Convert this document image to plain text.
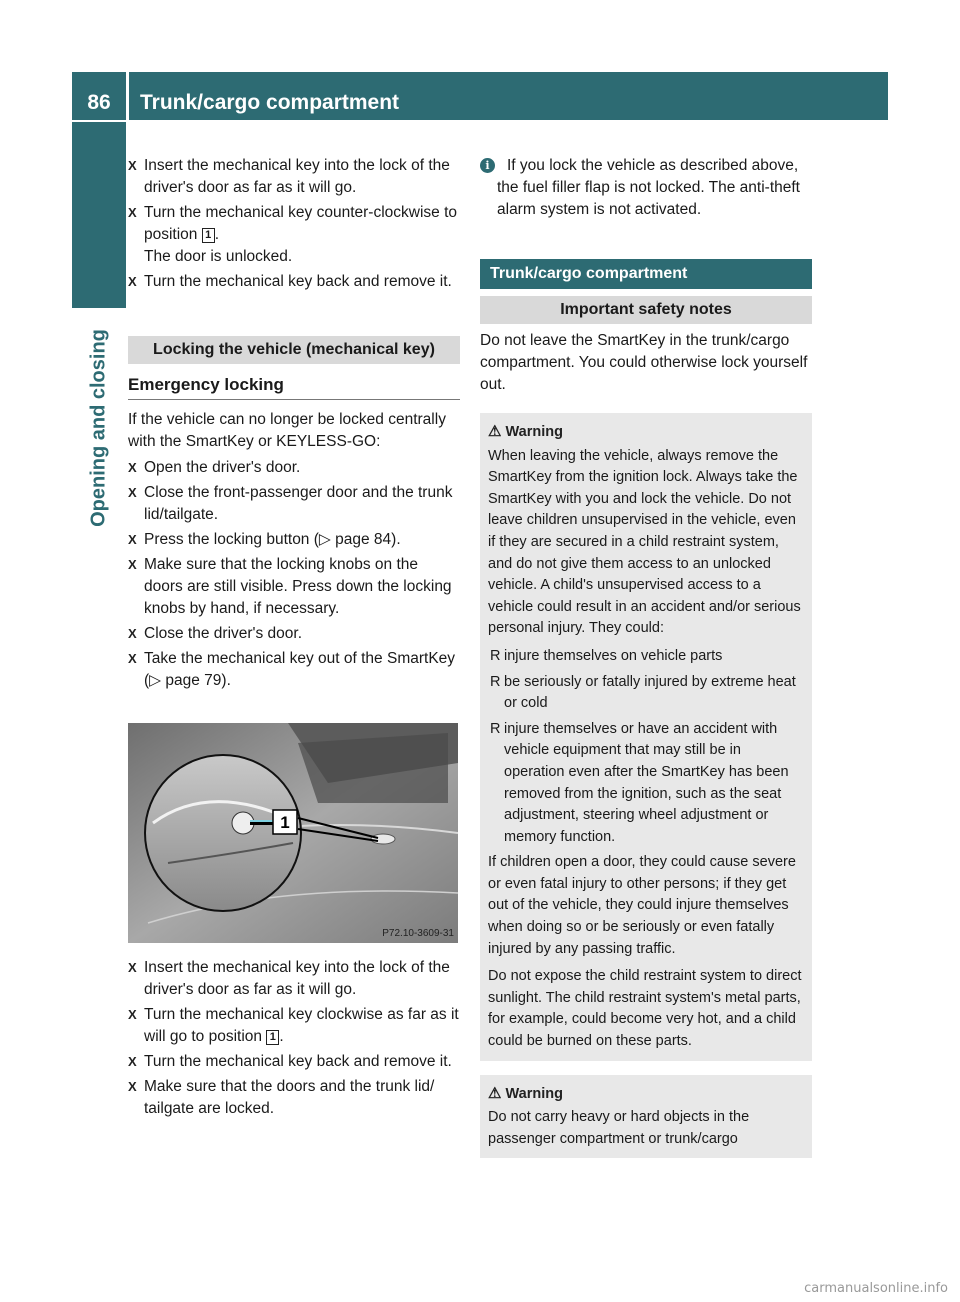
86	Trunk/cargo compartment
Opening and closing
X Insert the mechanical key into the lock of the driver's door as far as it will go.
X Turn the mechanical key counter-clockwise to position 1 .
The door is unlocked.
X Turn the mechanical key back and remove it.
Locking the vehicle (mechanical key)
Emergency locking
If the vehicle can no longer be locked centrally with the SmartKey or KEYLESS-GO:
X Open the driver's door.
X Close the front-passenger door and the trunk lid/tailgate.
X Press the locking button (▷ page 84).
X Make sure that the locking knobs on the doors are still visible. Press down the locking knobs by hand, if necessary.
X Close the driver's door.
X Take the mechanical key out of the SmartKey (▷ page 79).
1
P72.10-3609-31
X Insert the mechanical key into the lock of the driver's door as far as it will go.
X Turn the mechanical key clockwise as far as it will go to position 1 .
X Turn the mechanical key back and remove it.
X Make sure that the doors and the trunk lid/ tailgate are locked.
i	If you lock the vehicle as described above, the fuel filler flap is not locked. The anti-theft alarm system is not activated.
Trunk/cargo compartment
Important safety notes
Do not leave the SmartKey in the trunk/cargo compartment. You could otherwise lock yourself out.
⚠ Warning

When leaving the vehicle, always remove the SmartKey from the ignition lock. Always take the SmartKey with you and lock the vehicle. Do not leave children unsupervised in the vehicle, even if they are secured in a child restraint system, and do not give them access to an unlocked vehicle. A child's unsupervised access to a vehicle could result in an accident and/or serious personal injury. They could:

R injure themselves on vehicle parts
R be seriously or fatally injured by extreme heat or cold
R injure themselves or have an accident with vehicle equipment that may still be in operation even after the SmartKey has been removed from the ignition, such as the seat adjustment, steering wheel adjustment or memory function.

If children open a door, they could cause severe or even fatal injury to other persons; if they get out of the vehicle, they could injure themselves when doing so or be seriously or even fatally injured by any passing traffic.

Do not expose the child restraint system to direct sunlight. The child restraint system's metal parts, for example, could become very hot, and a child could be burned on these parts.

⚠ Warning

Do not carry heavy or hard objects in the passenger compartment or trunk/cargo

carmanualsonline.info
